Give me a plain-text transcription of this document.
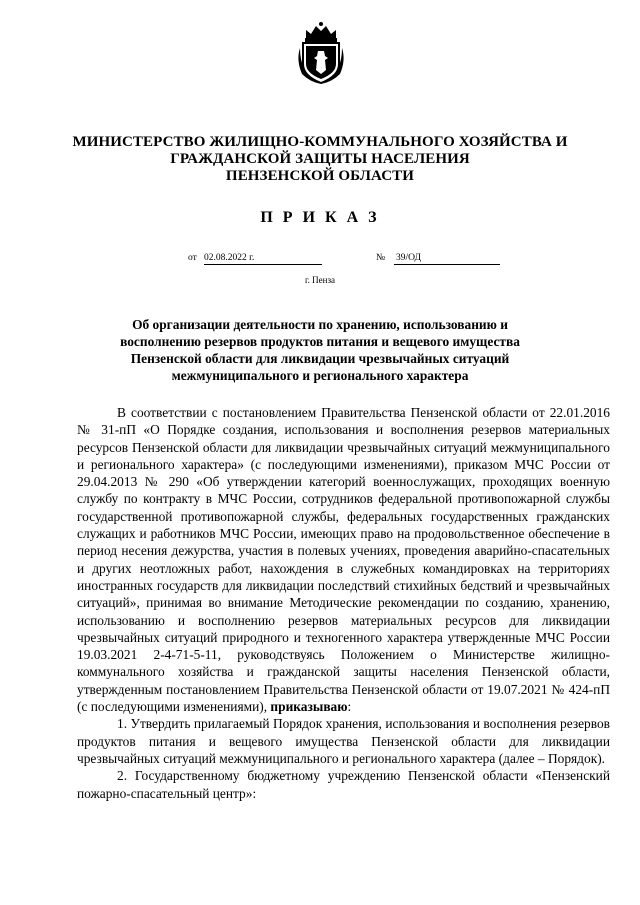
МИНИСТЕРСТВО ЖИЛИЩНО-КОММУНАЛЬНОГО ХОЗЯЙСТВА И
ГРАЖДАНСКОЙ ЗАЩИТЫ НАСЕЛЕНИЯ
ПЕНЗЕНСКОЙ ОБЛАСТИ
П Р И К А З
от 02.08.2022 г.	№ 39/ОД
г. Пенза
Об организации деятельности по хранению, использованию и
восполнению резервов продуктов питания и вещевого имущества
Пензенской области для ликвидации чрезвычайных ситуаций
межмуниципального и регионального характера

В соответствии с постановлением Правительства Пензенской области от 22.01.2016 № 31-пП «О Порядке создания, использования и восполнения резервов материальных ресурсов Пензенской области для ликвидации чрезвычайных ситуаций межмуниципального и регионального характера» (с последующими изменениями), приказом МЧС России от 29.04.2013 № 290 «Об утверждении категорий военнослужащих, проходящих военную службу по контракту в МЧС России, сотрудников федеральной противопожарной службы государственной противопожарной службы, федеральных государственных гражданских служащих и работников МЧС России, имеющих право на продовольственное обеспечение в период несения дежурства, участия в полевых учениях, проведения аварийно-спасательных и других неотложных работ, нахождения в служебных командировках на территориях иностранных государств для ликвидации последствий стихийных бедствий и чрезвычайных ситуаций», принимая во внимание Методические рекомендации по созданию, хранению, использованию и восполнению резервов материальных ресурсов для ликвидации чрезвычайных ситуаций природного и техногенного характера утвержденные МЧС России 19.03.2021 2-4-71-5-11, руководствуясь Положением о Министерстве жилищно-коммунального хозяйства и гражданской защиты населения Пензенской области, утвержденным постановлением Правительства Пензенской области от 19.07.2021 № 424-пП (с последующими изменениями), приказываю:

1. Утвердить прилагаемый Порядок хранения, использования и восполнения резервов продуктов питания и вещевого имущества Пензенской области для ликвидации чрезвычайных ситуаций межмуниципального и регионального характера (далее – Порядок).

2. Государственному бюджетному учреждению Пензенской области «Пензенский пожарно-спасательный центр»:
